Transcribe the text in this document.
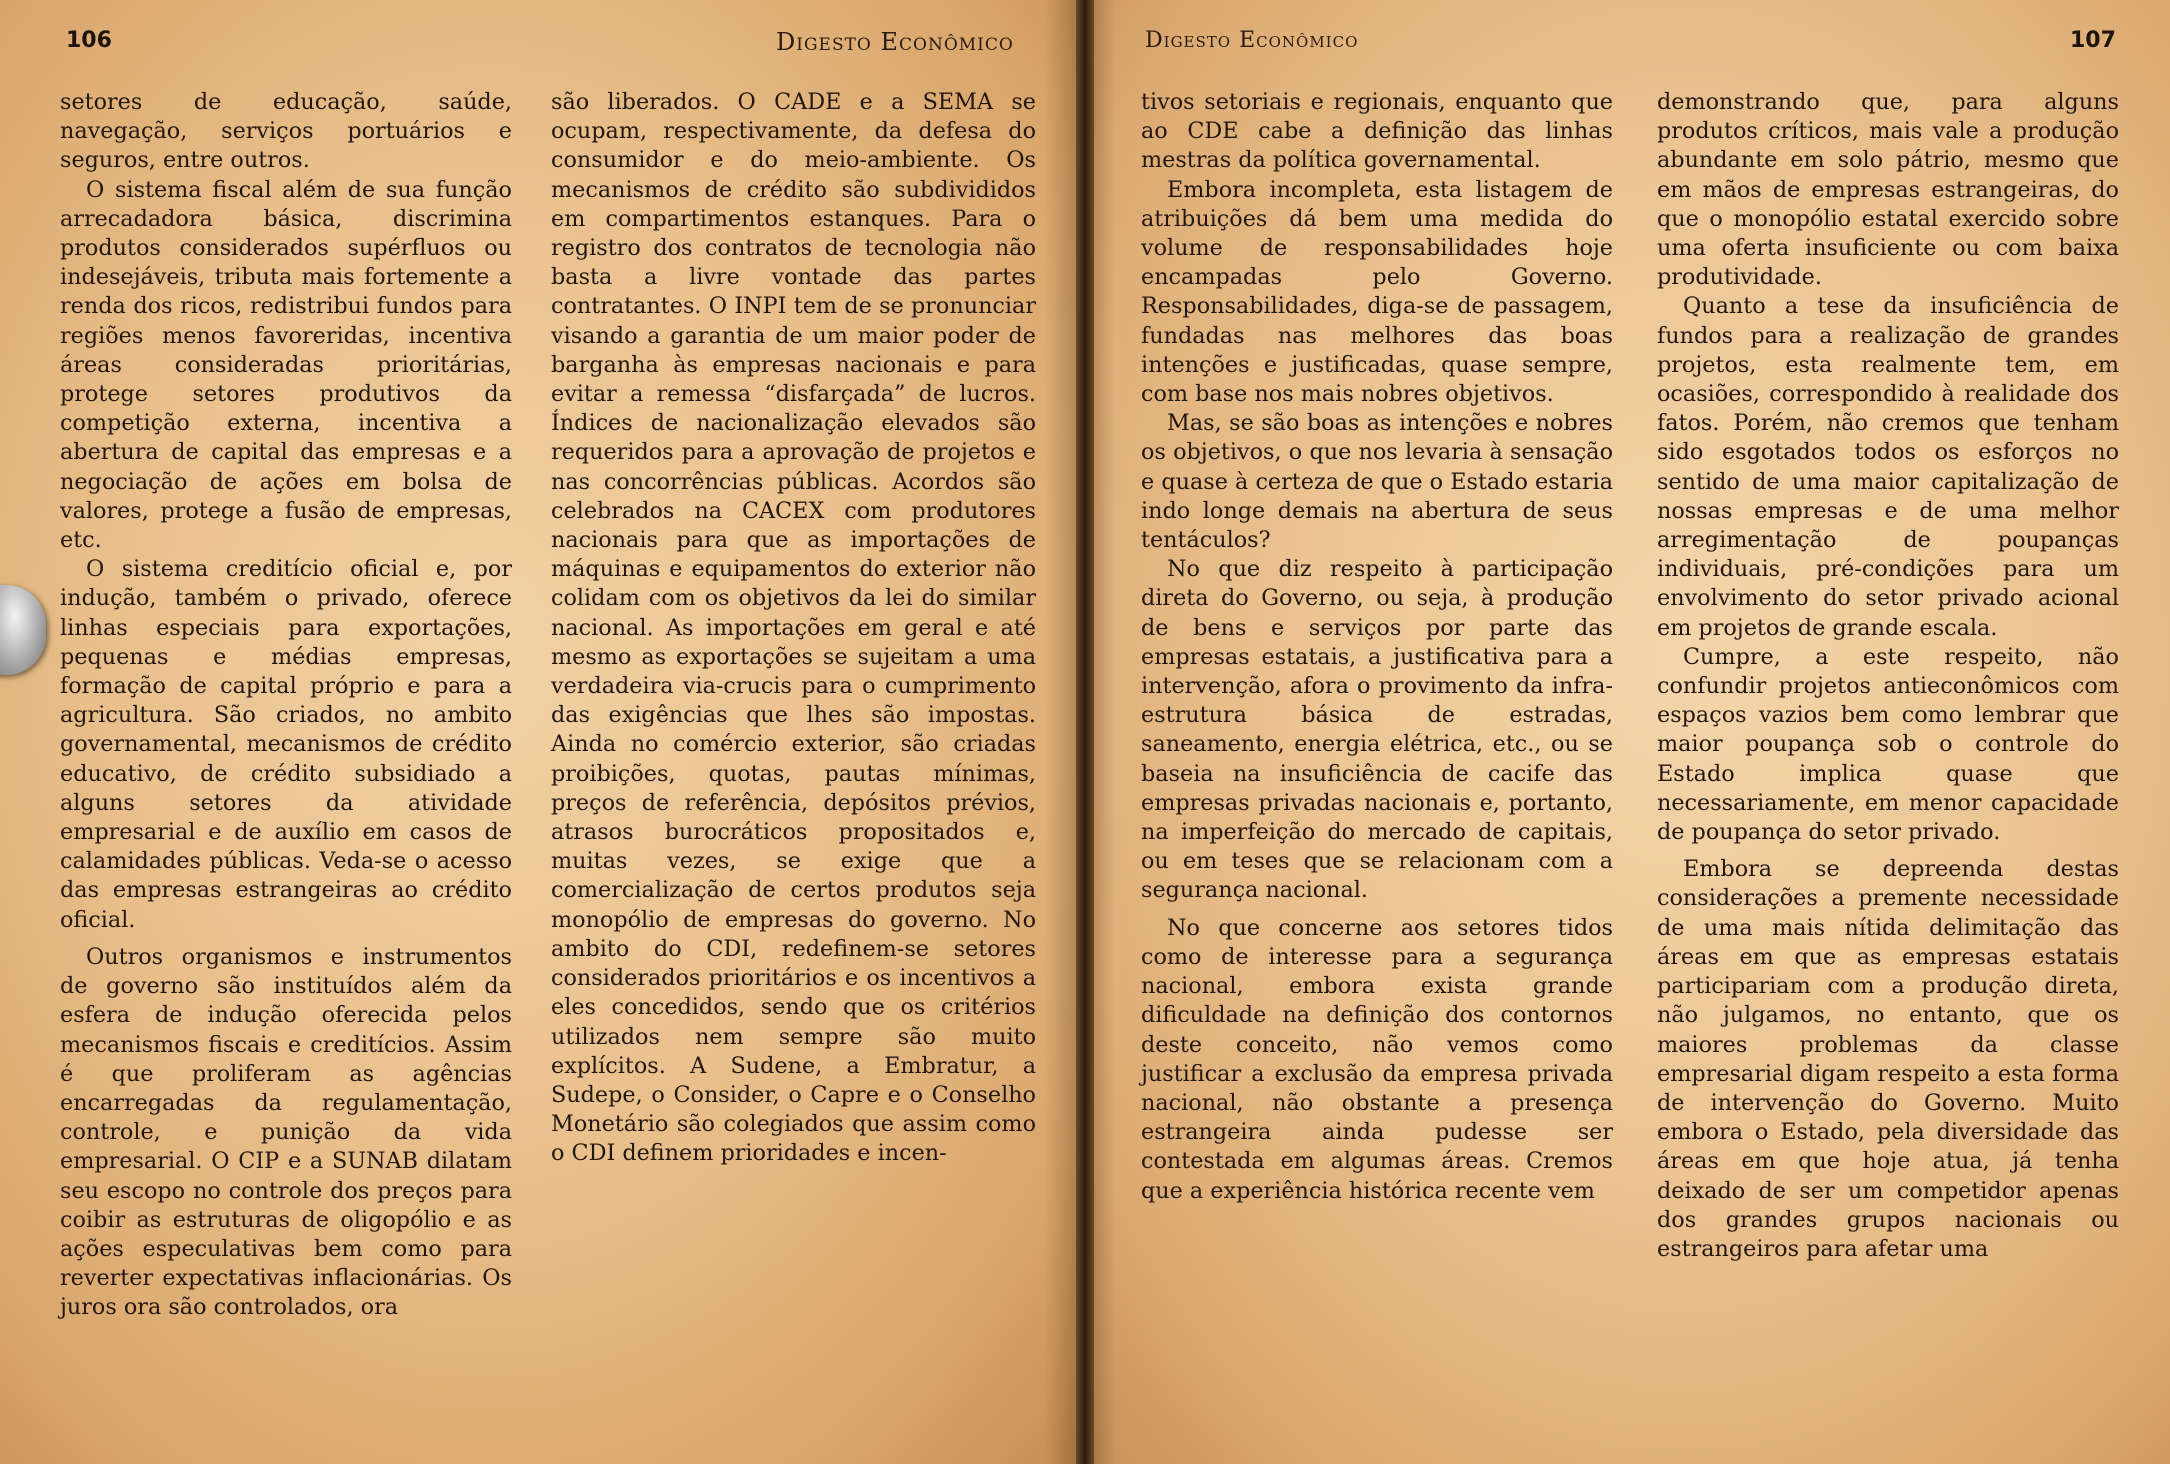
106	Digesto Econômico

setores de educação, saúde, navegação, serviços portuários e seguros, entre outros.

O sistema fiscal além de sua função arrecadadora básica, discrimina produtos considerados supérfluos ou indesejáveis, tributa mais fortemente a renda dos ricos, redistribui fundos para regiões menos favoreridas, incentiva áreas consideradas prioritárias, protege setores produtivos da competição externa, incentiva a abertura de capital das empresas e a negociação de ações em bolsa de valores, protege a fusão de empresas, etc.

O sistema creditício oficial e, por indução, também o privado, oferece linhas especiais para exportações, pequenas e médias empresas, formação de capital próprio e para a agricultura. São criados, no ambito governamental, mecanismos de crédito educativo, de crédito subsidiado a alguns setores da atividade empresarial e de auxílio em casos de calamidades públicas. Veda-se o acesso das empresas estrangeiras ao crédito oficial.

Outros organismos e instrumentos de governo são instituídos além da esfera de indução oferecida pelos mecanismos fiscais e creditícios. Assim é que proliferam as agências encarregadas da regulamentação, controle, e punição da vida empresarial. O CIP e a SUNAB dilatam seu escopo no controle dos preços para coibir as estruturas de oligopólio e as ações especulativas bem como para reverter expectativas inflacionárias. Os juros ora são controlados, ora

são liberados. O CADE e a SEMA se ocupam, respectivamente, da defesa do consumidor e do meio-ambiente. Os mecanismos de crédito são subdivididos em compartimentos estanques. Para o registro dos contratos de tecnologia não basta a livre vontade das partes contratantes. O INPI tem de se pronunciar visando a garantia de um maior poder de barganha às empresas nacionais e para evitar a remessa “disfarçada” de lucros. Índices de nacionalização elevados são requeridos para a aprovação de projetos e nas concorrências públicas. Acordos são celebrados na CACEX com produtores nacionais para que as importações de máquinas e equipamentos do exterior não colidam com os objetivos da lei do similar nacional. As importações em geral e até mesmo as exportações se sujeitam a uma verdadeira via-crucis para o cumprimento das exigências que lhes são impostas. Ainda no comércio exterior, são criadas proibições, quotas, pautas mínimas, preços de referência, depósitos prévios, atrasos burocráticos propositados e, muitas vezes, se exige que a comercialização de certos produtos seja monopólio de empresas do governo. No ambito do CDI, redefinem-se setores considerados prioritários e os incentivos a eles concedidos, sendo que os critérios utilizados nem sempre são muito explícitos. A Sudene, a Embratur, a Sudepe, o Consider, o Capre e o Conselho Monetário são colegiados que assim como o CDI definem prioridades e incen-

Digesto Econômico	107

tivos setoriais e regionais, enquanto que ao CDE cabe a definição das linhas mestras da política governamental.

Embora incompleta, esta listagem de atribuições dá bem uma medida do volume de responsabilidades hoje encampadas pelo Governo. Responsabilidades, diga-se de passagem, fundadas nas melhores das boas intenções e justificadas, quase sempre, com base nos mais nobres objetivos.

Mas, se são boas as intenções e nobres os objetivos, o que nos levaria à sensação e quase à certeza de que o Estado estaria indo longe demais na abertura de seus tentáculos?

No que diz respeito à participação direta do Governo, ou seja, à produção de bens e serviços por parte das empresas estatais, a justificativa para a intervenção, afora o provimento da infra-estrutura básica de estradas, saneamento, energia elétrica, etc., ou se baseia na insuficiência de cacife das empresas privadas nacionais e, portanto, na imperfeição do mercado de capitais, ou em teses que se relacionam com a segurança nacional.

No que concerne aos setores tidos como de interesse para a segurança nacional, embora exista grande dificuldade na definição dos contornos deste conceito, não vemos como justificar a exclusão da empresa privada nacional, não obstante a presença estrangeira ainda pudesse ser contestada em algumas áreas. Cremos que a experiência histórica recente vem

demonstrando que, para alguns produtos críticos, mais vale a produção abundante em solo pátrio, mesmo que em mãos de empresas estrangeiras, do que o monopólio estatal exercido sobre uma oferta insuficiente ou com baixa produtividade.

Quanto a tese da insuficiência de fundos para a realização de grandes projetos, esta realmente tem, em ocasiões, correspondido à realidade dos fatos. Porém, não cremos que tenham sido esgotados todos os esforços no sentido de uma maior capitalização de nossas empresas e de uma melhor arregimentação de poupanças individuais, pré-condições para um envolvimento do setor privado acional em projetos de grande escala.

Cumpre, a este respeito, não confundir projetos antieconômicos com espaços vazios bem como lembrar que maior poupança sob o controle do Estado implica quase que necessariamente, em menor capacidade de poupança do setor privado.

Embora se depreenda destas considerações a premente necessidade de uma mais nítida delimitação das áreas em que as empresas estatais participariam com a produção direta, não julgamos, no entanto, que os maiores problemas da classe empresarial digam respeito a esta forma de intervenção do Governo. Muito embora o Estado, pela diversidade das áreas em que hoje atua, já tenha deixado de ser um competidor apenas dos grandes grupos nacionais ou estrangeiros para afetar uma
